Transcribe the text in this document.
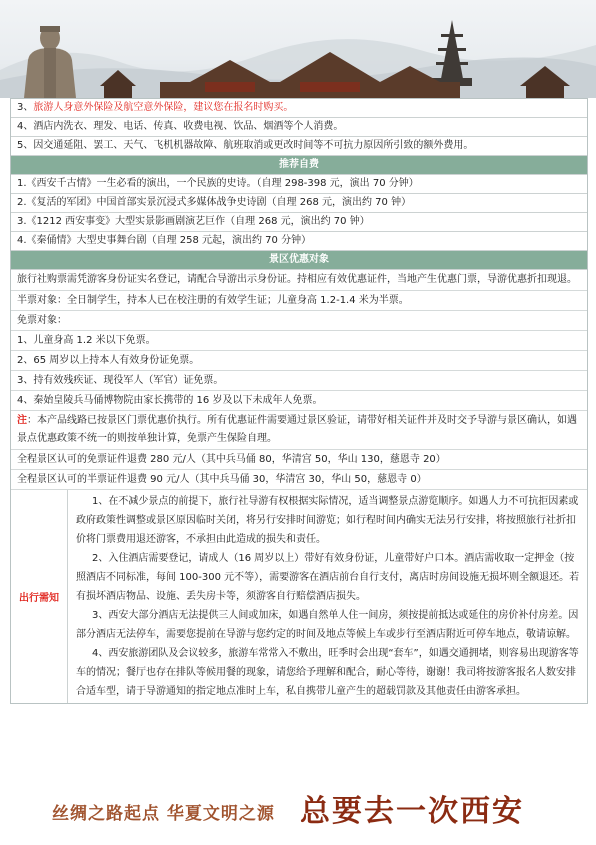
3、旅游人身意外保险及航空意外保险，建议您在报名时购买。
4、酒店内洗衣、理发、电话、传真、收费电视、饮品、烟酒等个人消费。
5、因交通延阻、罢工、天气、飞机机器故障、航班取消或更改时间等不可抗力原因所引致的额外费用。
推荐自费
1.《西安千古情》一生必看的演出，一个民族的史诗。（自理 298-398 元，演出 70 分钟）
2.《复活的军团》中国首部实景沉浸式多媒体战争史诗剧（自理 268 元，演出约 70 钟）
3.《1212 西安事变》大型实景影画剧演艺巨作（自理 268 元，演出约 70 钟）
4.《秦俑情》大型史事舞台剧（自理 258 元起，演出约 70 分钟）
景区优惠对象
旅行社购票需凭游客身份证实名登记，请配合导游出示身份证。持相应有效优惠证件，当地产生优惠门票，导游优惠折扣现退。
半票对象：全日制学生，持本人已在校注册的有效学生证；儿童身高 1.2-1.4 米为半票。
免票对象：
1、儿童身高 1.2 米以下免票。
2、65 周岁以上持本人有效身份证免票。
3、持有效残疾证、现役军人（军官）证免票。
4、秦始皇陵兵马俑博物院由家长携带的 16 岁及以下未成年人免票。
注：本产品线路已按景区门票优惠价执行。所有优惠证件需要通过景区验证，请带好相关证件并及时交予导游与景区确认，如遇景点优惠政策不统一的则按单独计算，免票产生保险自理。
全程景区认可的免票证件退费 280 元/人（其中兵马俑 80，华清宫 50，华山 130，慈恩寺 20）
全程景区认可的半票证件退费 90 元/人（其中兵马俑 30，华清宫 30，华山 50，慈恩寺 0）
出行需知

1、在不减少景点的前提下，旅行社导游有权根据实际情况，适当调整景点游览顺序。如遇人力不可抗拒因素或政府政策性调整或景区原因临时关闭，将另行安排时间游览；如行程时间内确实无法另行安排，将按照旅行社折扣价将门票费用退还游客，不承担由此造成的损失和责任。

2、入住酒店需要登记，请成人（16 周岁以上）带好有效身份证，儿童带好户口本。酒店需收取一定押金（按照酒店不同标准，每间 100-300 元不等），需要游客在酒店前台自行支付，离店时房间设施无损坏则全额退还。若有损坏酒店物品、设施、丢失房卡等，须游客自行赔偿酒店损失。

3、西安大部分酒店无法提供三人间或加床，如遇自然单人住一间房，须按提前抵达或延住的房价补付房差。因部分酒店无法停车，需要您提前在导游与您约定的时间及地点等候上车或步行至酒店附近可停车地点，敬请谅解。

4、西安旅游团队及会议较多，旅游车常常入不敷出，旺季时会出现“套车”，如遇交通拥堵，则容易出现游客等车的情况；餐厅也存在排队等候用餐的现象，请您给予理解和配合，耐心等待，谢谢！我司将按游客报名人数安排合适车型，请于导游通知的指定地点准时上车，私自携带儿童产生的超载罚款及其他责任由游客承担。

丝绸之路起点 华夏文明之源 总要去一次西安
